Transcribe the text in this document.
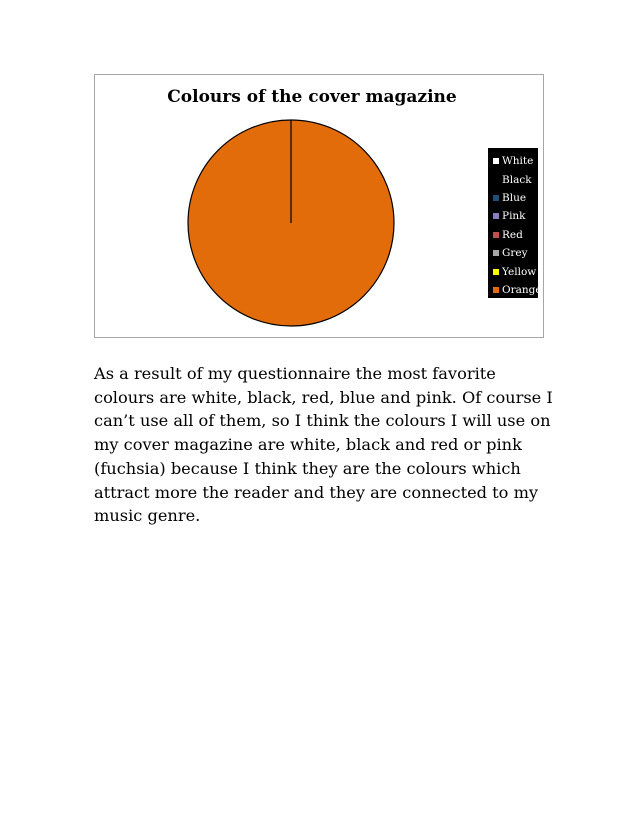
Colours of the cover magazine
White
Black
Blue
Pink
Red
Grey
Yellow
Orange

As a result of my questionnaire the most favorite
colours are white, black, red, blue and pink. Of course I
can’t use all of them, so I think the colours I will use on
my cover magazine are white, black and red or pink
(fuchsia) because I think they are the colours which
attract more the reader and they are connected to my
music genre.
